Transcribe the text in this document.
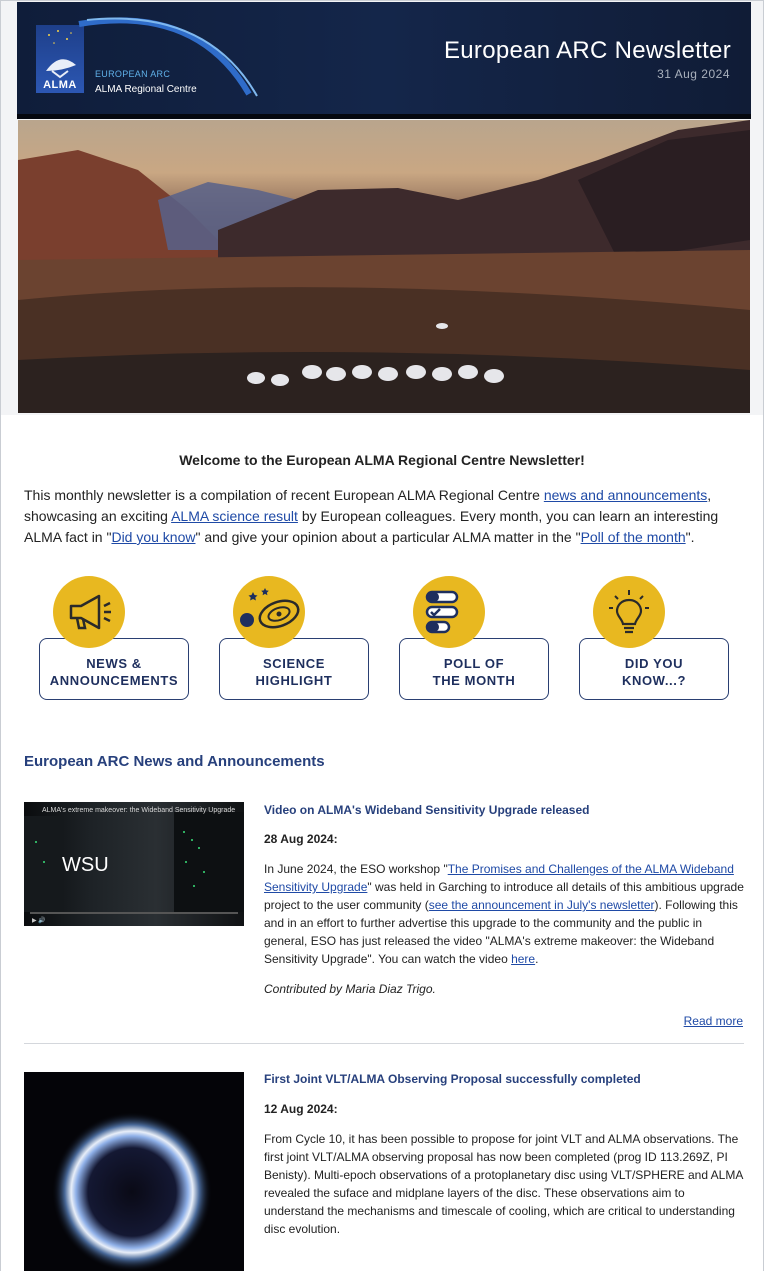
ALMA
EUROPEAN ARC
ALMA Regional Centre
European ARC Newsletter
31 Aug 2024
Welcome to the European ALMA Regional Centre Newsletter!
This monthly newsletter is a compilation of recent European ALMA Regional Centre news and announcements, showcasing an exciting ALMA science result by European colleagues. Every month, you can learn an interesting ALMA fact in "Did you know" and give your opinion about a particular ALMA matter in the "Poll of the month".
NEWS &
ANNOUNCEMENTS
SCIENCE
HIGHLIGHT
POLL OF
THE MONTH
DID YOU
KNOW...?
European ARC News and Announcements
ALMA's extreme makeover: the Wideband Sensitivity Upgrade
WSU
▶ 🔊
Video on ALMA's Wideband Sensitivity Upgrade released
28 Aug 2024:
In June 2024, the ESO workshop "The Promises and Challenges of the ALMA Wideband Sensitivity Upgrade" was held in Garching to introduce all details of this ambitious upgrade project to the user community (see the announcement in July's newsletter). Following this and in an effort to further advertise this upgrade to the community and the public in general, ESO has just released the video "ALMA's extreme makeover: the Wideband Sensitivity Upgrade". You can watch the video here.
Contributed by Maria Diaz Trigo.
Read more
First Joint VLT/ALMA Observing Proposal successfully completed
12 Aug 2024:
From Cycle 10, it has been possible to propose for joint VLT and ALMA observations. The first joint VLT/ALMA observing proposal has now been completed (prog ID 113.269Z, PI Benisty). Multi-epoch observations of a protoplanetary disc using VLT/SPHERE and ALMA revealed the suface and midplane layers of the disc. These observations aim to understand the mechanisms and timescale of cooling, which are critical to understanding disc evolution.
